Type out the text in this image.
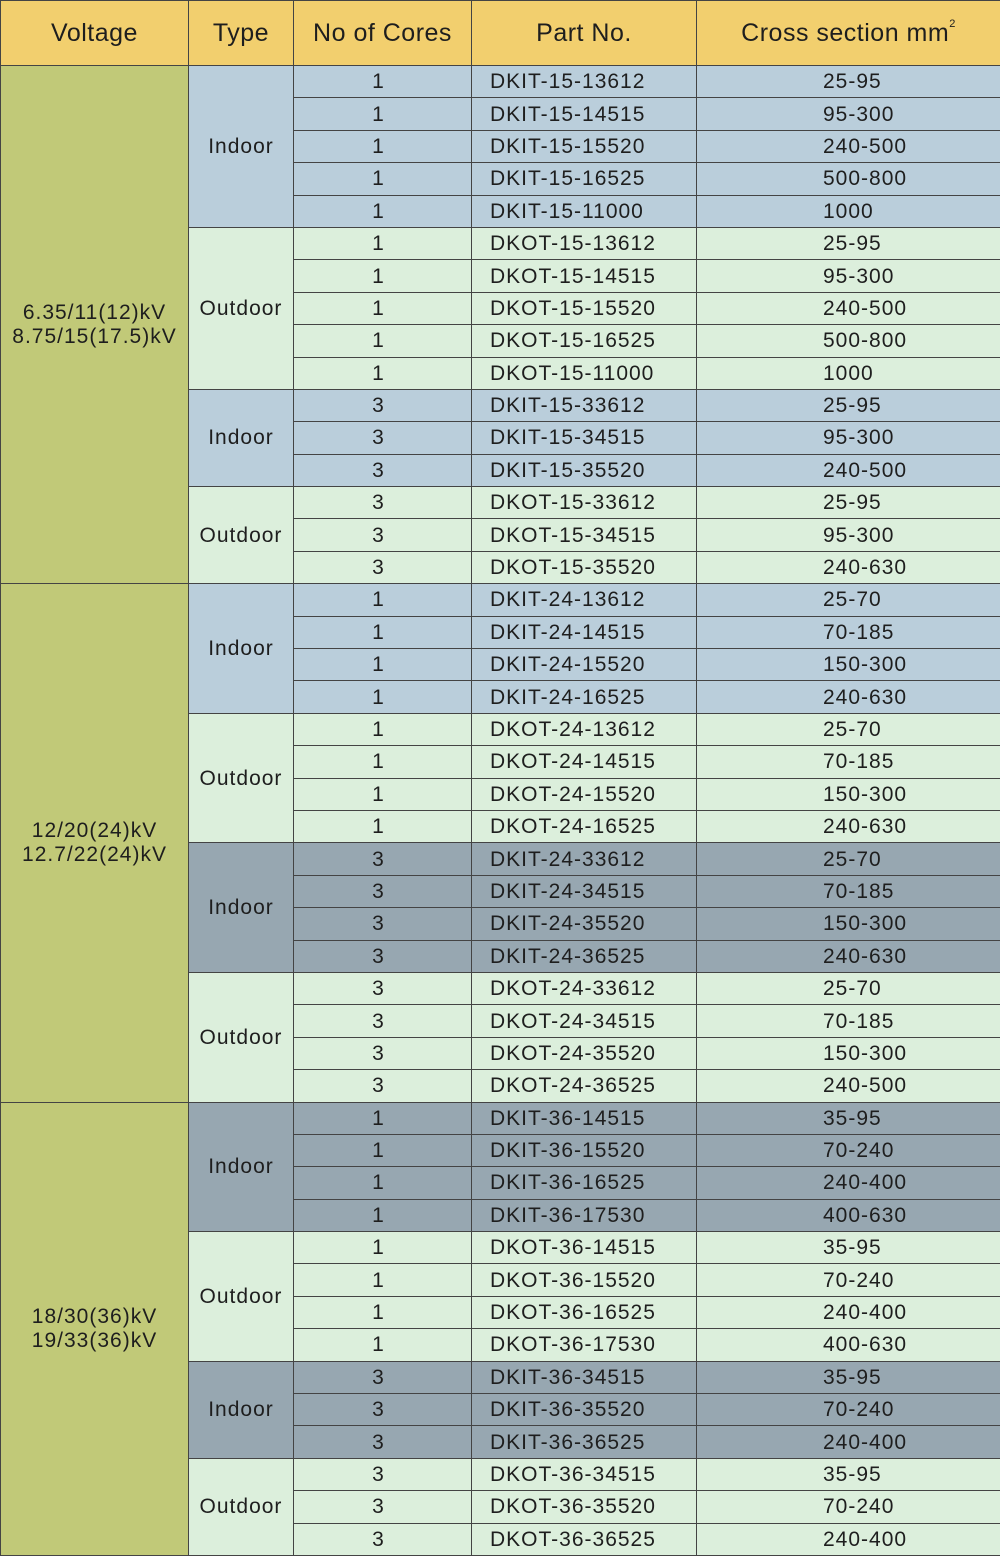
Voltage	Type	No of Cores	Part No.	Cross section $mm^2$

6.35/11(12)kV
8.75/15(17.5)kV	Indoor	1	DKIT-15-13612	25-95
		1	DKIT-15-14515	95-300
		1	DKIT-15-15520	240-500
		1	DKIT-15-16525	500-800
		1	DKIT-15-11000	1000
	Outdoor	1	DKOT-15-13612	25-95
		1	DKOT-15-14515	95-300
		1	DKOT-15-15520	240-500
		1	DKOT-15-16525	500-800
		1	DKOT-15-11000	1000
	Indoor	3	DKIT-15-33612	25-95
		3	DKIT-15-34515	95-300
		3	DKIT-15-35520	240-500
	Outdoor	3	DKOT-15-33612	25-95
		3	DKOT-15-34515	95-300
		3	DKOT-15-35520	240-630

12/20(24)kV
12.7/22(24)kV	Indoor	1	DKIT-24-13612	25-70
		1	DKIT-24-14515	70-185
		1	DKIT-24-15520	150-300
		1	DKIT-24-16525	240-630
	Outdoor	1	DKOT-24-13612	25-70
		1	DKOT-24-14515	70-185
		1	DKOT-24-15520	150-300
		1	DKOT-24-16525	240-630
	Indoor	3	DKIT-24-33612	25-70
		3	DKIT-24-34515	70-185
		3	DKIT-24-35520	150-300
		3	DKIT-24-36525	240-630
	Outdoor	3	DKOT-24-33612	25-70
		3	DKOT-24-34515	70-185
		3	DKOT-24-35520	150-300
		3	DKOT-24-36525	240-500

18/30(36)kV
19/33(36)kV	Indoor	1	DKIT-36-14515	35-95
		1	DKIT-36-15520	70-240
		1	DKIT-36-16525	240-400
		1	DKIT-36-17530	400-630
	Outdoor	1	DKOT-36-14515	35-95
		1	DKOT-36-15520	70-240
		1	DKOT-36-16525	240-400
		1	DKOT-36-17530	400-630
	Indoor	3	DKIT-36-34515	35-95
		3	DKIT-36-35520	70-240
		3	DKIT-36-36525	240-400
	Outdoor	3	DKOT-36-34515	35-95
		3	DKOT-36-35520	70-240
		3	DKOT-36-36525	240-400
